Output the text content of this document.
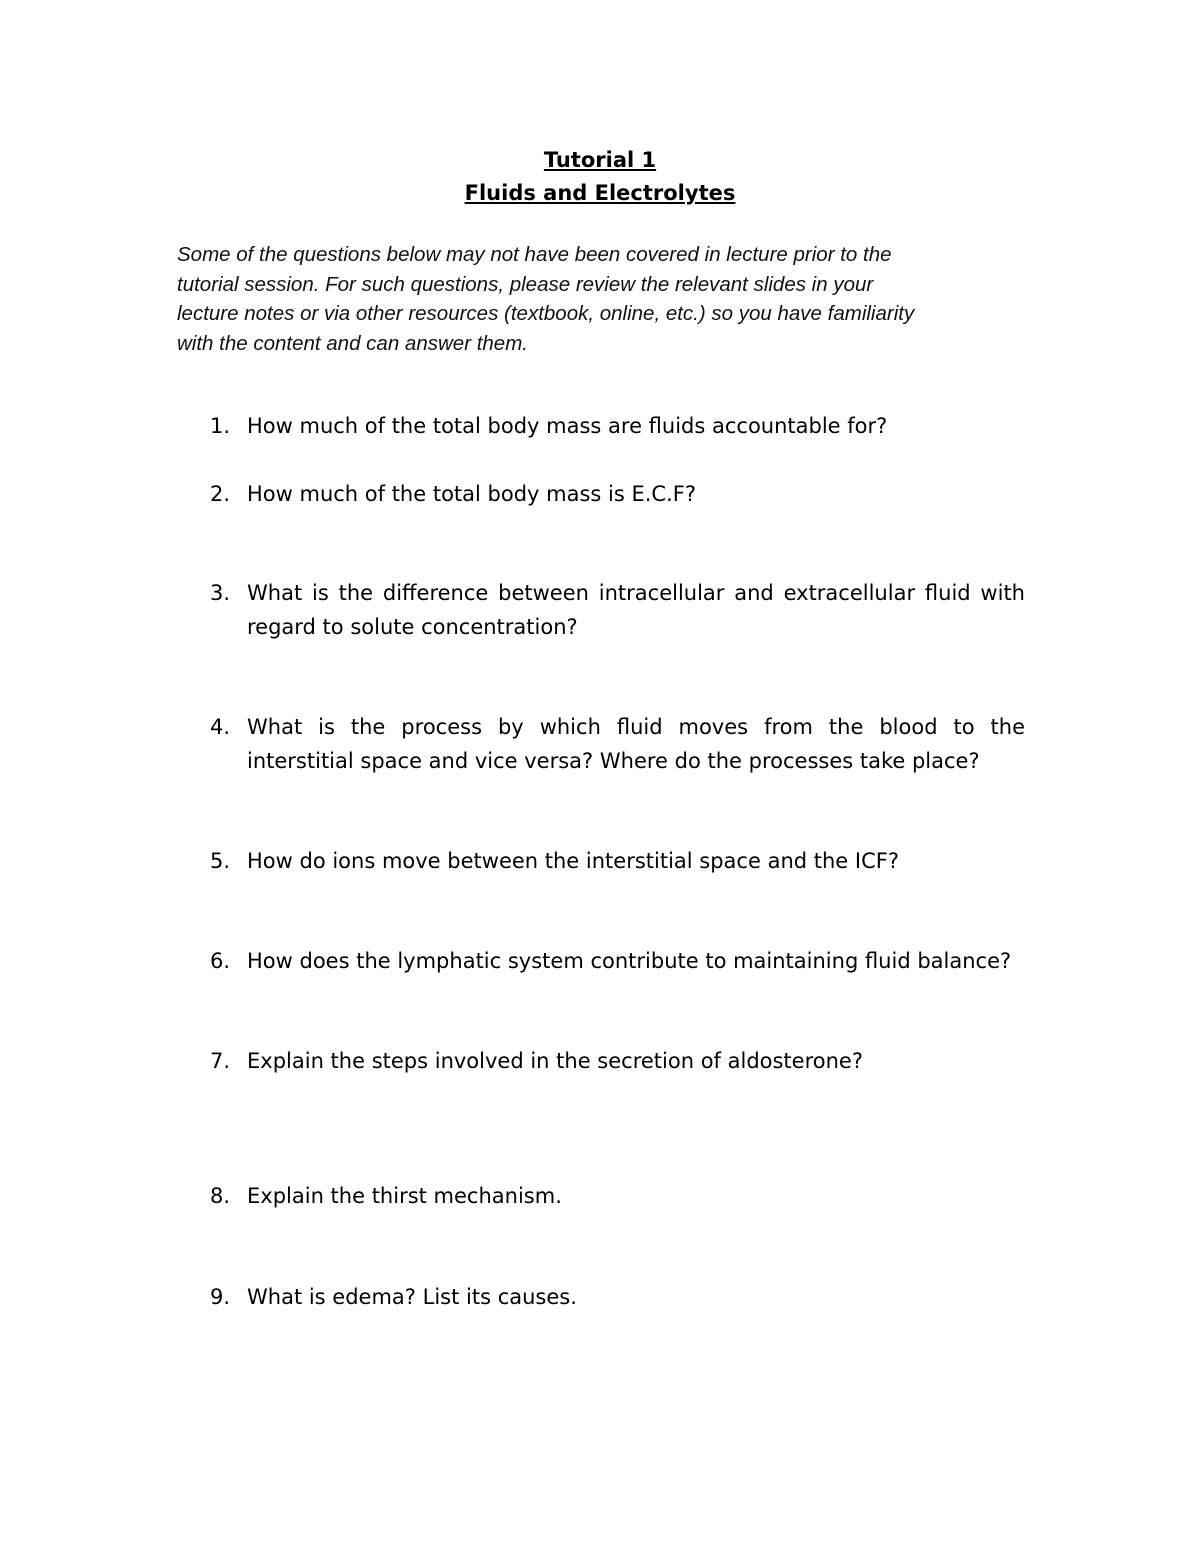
Tutorial 1
Fluids and Electrolytes
Some of the questions below may not have been covered in lecture prior to the
tutorial session. For such questions, please review the relevant slides in your
lecture notes or via other resources (textbook, online, etc.) so you have familiarity
with the content and can answer them.
1. How much of the total body mass are fluids accountable for?
2. How much of the total body mass is E.C.F?
3. What is the difference between intracellular and extracellular fluid with regard to solute concentration?
4. What is the process by which fluid moves from the blood to the interstitial space and vice versa? Where do the processes take place?
5. How do ions move between the interstitial space and the ICF?
6. How does the lymphatic system contribute to maintaining fluid balance?
7. Explain the steps involved in the secretion of aldosterone?
8. Explain the thirst mechanism.
9. What is edema? List its causes.
